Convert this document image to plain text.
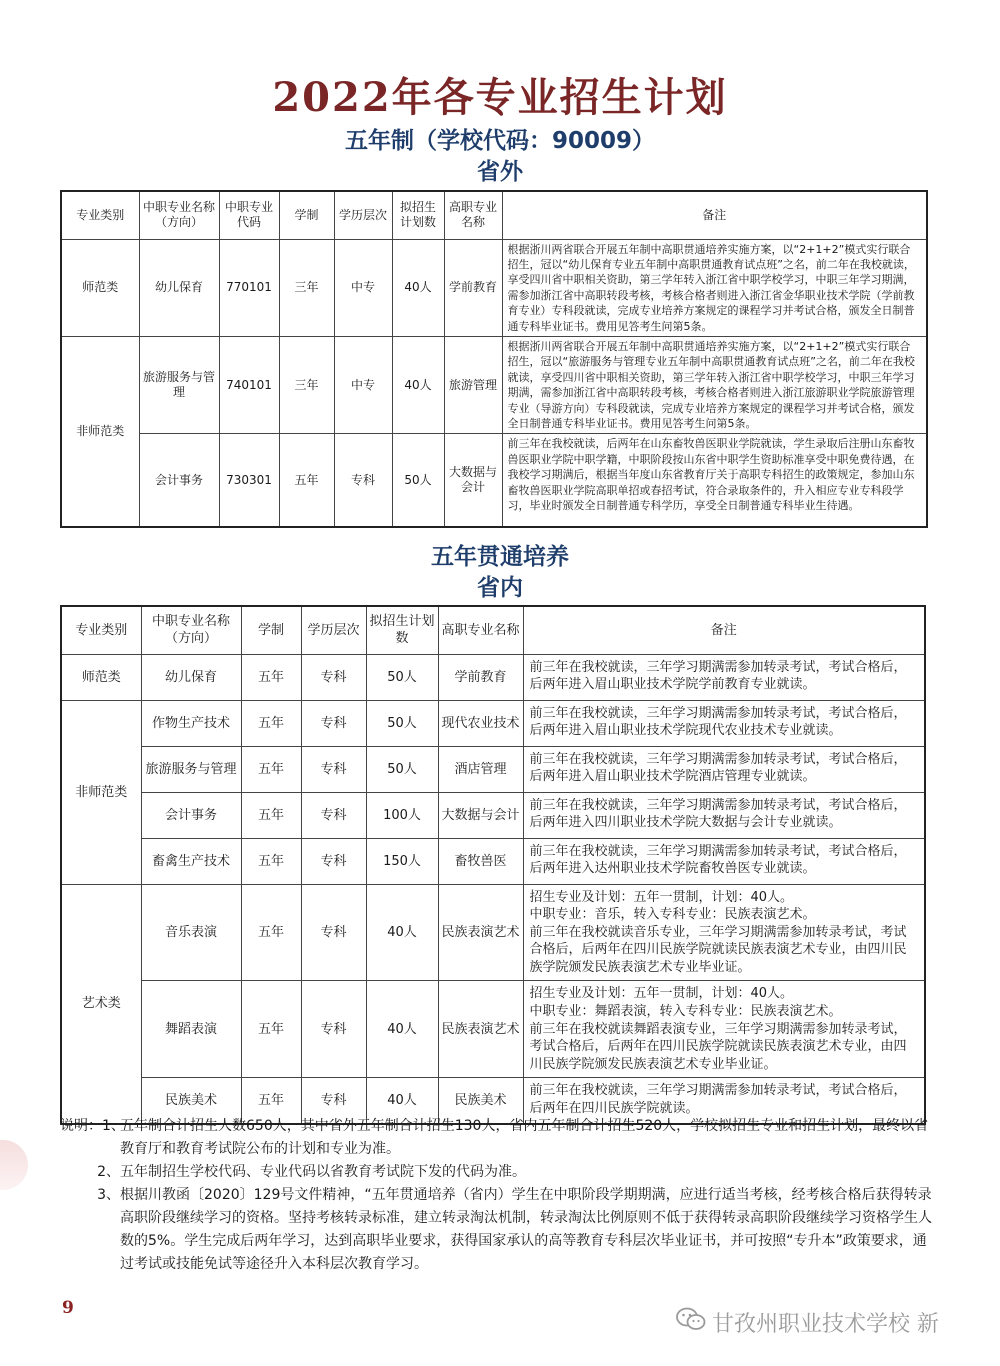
2022年各专业招生计划
五年制（学校代码：90009）
省外
专业类别	中职专业名称（方向）	中职专业代码	学制	学历层次	拟招生计划数	高职专业名称	备注
师范类	幼儿保育	770101	三年	中专	40人	学前教育	根据浙川两省联合开展五年制中高职贯通培养实施方案，以“2+1+2”模式实行联合招生，冠以“幼儿保育专业五年制中高职贯通教育试点班”之名，前二年在我校就读，享受四川省中职相关资助，第三学年转入浙江省中职学校学习，中职三年学习期满，需参加浙江省中高职转段考核，考核合格者则进入浙江省金华职业技术学院（学前教育专业）专科段就读，完成专业培养方案规定的课程学习并考试合格，颁发全日制普通专科毕业证书。费用见答考生问第5条。
非师范类	旅游服务与管理	740101	三年	中专	40人	旅游管理	根据浙川两省联合开展五年制中高职贯通培养实施方案，以“2+1+2”模式实行联合招生，冠以“旅游服务与管理专业五年制中高职贯通教育试点班”之名，前二年在我校就读，享受四川省中职相关资助，第三学年转入浙江省中职学校学习，中职三年学习期满，需参加浙江省中高职转段考核，考核合格者则进入浙江旅游职业学院旅游管理专业（导游方向）专科段就读，完成专业培养方案规定的课程学习并考试合格，颁发全日制普通专科毕业证书。费用见答考生问第5条。
	会计事务	730301	五年	专科	50人	大数据与会计	前三年在我校就读，后两年在山东畜牧兽医职业学院就读，学生录取后注册山东畜牧兽医职业学院中职学籍，中职阶段按山东省中职学生资助标准享受中职免费待遇，在我校学习期满后，根据当年度山东省教育厅关于高职专科招生的政策规定，参加山东畜牧兽医职业学院高职单招或春招考试，符合录取条件的，升入相应专业专科段学习，毕业时颁发全日制普通专科学历，享受全日制普通专科毕业生待遇。
五年贯通培养
省内
专业类别	中职专业名称（方向）	学制	学历层次	拟招生计划数	高职专业名称	备注
师范类	幼儿保育	五年	专科	50人	学前教育	前三年在我校就读，三年学习期满需参加转录考试，考试合格后，后两年进入眉山职业技术学院学前教育专业就读。
非师范类	作物生产技术	五年	专科	50人	现代农业技术	前三年在我校就读，三年学习期满需参加转录考试，考试合格后，后两年进入眉山职业技术学院现代农业技术专业就读。
	旅游服务与管理	五年	专科	50人	酒店管理	前三年在我校就读，三年学习期满需参加转录考试，考试合格后，后两年进入眉山职业技术学院酒店管理专业就读。
	会计事务	五年	专科	100人	大数据与会计	前三年在我校就读，三年学习期满需参加转录考试，考试合格后，后两年进入四川职业技术学院大数据与会计专业就读。
	畜禽生产技术	五年	专科	150人	畜牧兽医	前三年在我校就读，三年学习期满需参加转录考试，考试合格后，后两年进入达州职业技术学院畜牧兽医专业就读。
艺术类	音乐表演	五年	专科	40人	民族表演艺术	招生专业及计划：五年一贯制，计划：40人。
中职专业：音乐，转入专科专业：民族表演艺术。
前三年在我校就读音乐专业，三年学习期满需参加转录考试，考试合格后，后两年在四川民族学院就读民族表演艺术专业，由四川民族学院颁发民族表演艺术专业毕业证。
	舞蹈表演	五年	专科	40人	民族表演艺术	招生专业及计划：五年一贯制，计划：40人。
中职专业：舞蹈表演，转入专科专业：民族表演艺术。
前三年在我校就读舞蹈表演专业，三年学习期满需参加转录考试，考试合格后，后两年在四川民族学院就读民族表演艺术专业，由四川民族学院颁发民族表演艺术专业毕业证。
	民族美术	五年	专科	40人	民族美术	前三年在我校就读，三年学习期满需参加转录考试，考试合格后，后两年在四川民族学院就读。
说明：1、
五年制合计招生人数650人，其中省外五年制合计招生130人，省内五年制合计招生520人，学校拟招生专业和招生计划，最终以省教育厅和教育考试院公布的计划和专业为准。
2、 五年制招生学校代码、专业代码以省教育考试院下发的代码为准。
3、 根据川教函〔2020〕129号文件精神，“五年贯通培养（省内）学生在中职阶段学期期满，应进行适当考核，经考核合格后获得转录高职阶段继续学习的资格。坚持考核转录标准，建立转录淘汰机制，转录淘汰比例原则不低于获得转录高职阶段继续学习资格学生人数的5%。学生完成后两年学习，达到高职毕业要求，获得国家承认的高等教育专科层次毕业证书，并可按照“专升本”政策要求，通过考试或技能免试等途径升入本科层次教育学习。
9
甘孜州职业技术学校 新
